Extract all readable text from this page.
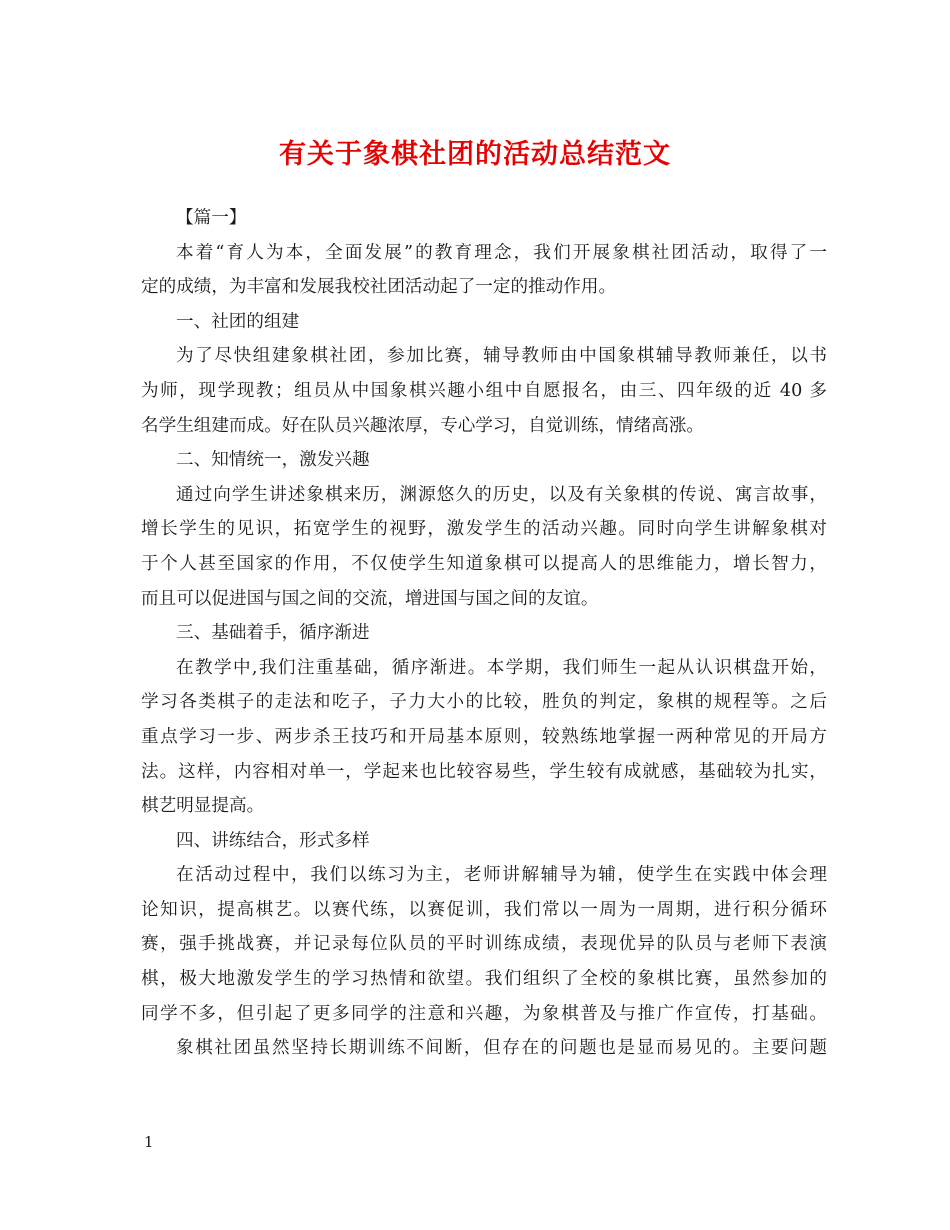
有关于象棋社团的活动总结范文
【篇一】
本着“育人为本，全面发展”的教育理念，我们开展象棋社团活动，取得了一
定的成绩，为丰富和发展我校社团活动起了一定的推动作用。
一、社团的组建
为了尽快组建象棋社团，参加比赛，辅导教师由中国象棋辅导教师兼任，以书
为师，现学现教；组员从中国象棋兴趣小组中自愿报名，由三、四年级的近 40 多
名学生组建而成。好在队员兴趣浓厚，专心学习，自觉训练，情绪高涨。
二、知情统一，激发兴趣
通过向学生讲述象棋来历，渊源悠久的历史，以及有关象棋的传说、寓言故事，
增长学生的见识，拓宽学生的视野，激发学生的活动兴趣。同时向学生讲解象棋对
于个人甚至国家的作用，不仅使学生知道象棋可以提高人的思维能力，增长智力，
而且可以促进国与国之间的交流，增进国与国之间的友谊。
三、基础着手，循序渐进
在教学中,我们注重基础，循序渐进。本学期，我们师生一起从认识棋盘开始，
学习各类棋子的走法和吃子，子力大小的比较，胜负的判定，象棋的规程等。之后
重点学习一步、两步杀王技巧和开局基本原则，较熟练地掌握一两种常见的开局方
法。这样，内容相对单一，学起来也比较容易些，学生较有成就感，基础较为扎实，
棋艺明显提高。
四、讲练结合，形式多样
在活动过程中，我们以练习为主，老师讲解辅导为辅，使学生在实践中体会理
论知识，提高棋艺。以赛代练，以赛促训，我们常以一周为一周期，进行积分循环
赛，强手挑战赛，并记录每位队员的平时训练成绩，表现优异的队员与老师下表演
棋，极大地激发学生的学习热情和欲望。我们组织了全校的象棋比赛，虽然参加的
同学不多，但引起了更多同学的注意和兴趣，为象棋普及与推广作宣传，打基础。
象棋社团虽然坚持长期训练不间断，但存在的问题也是显而易见的。主要问题
1
